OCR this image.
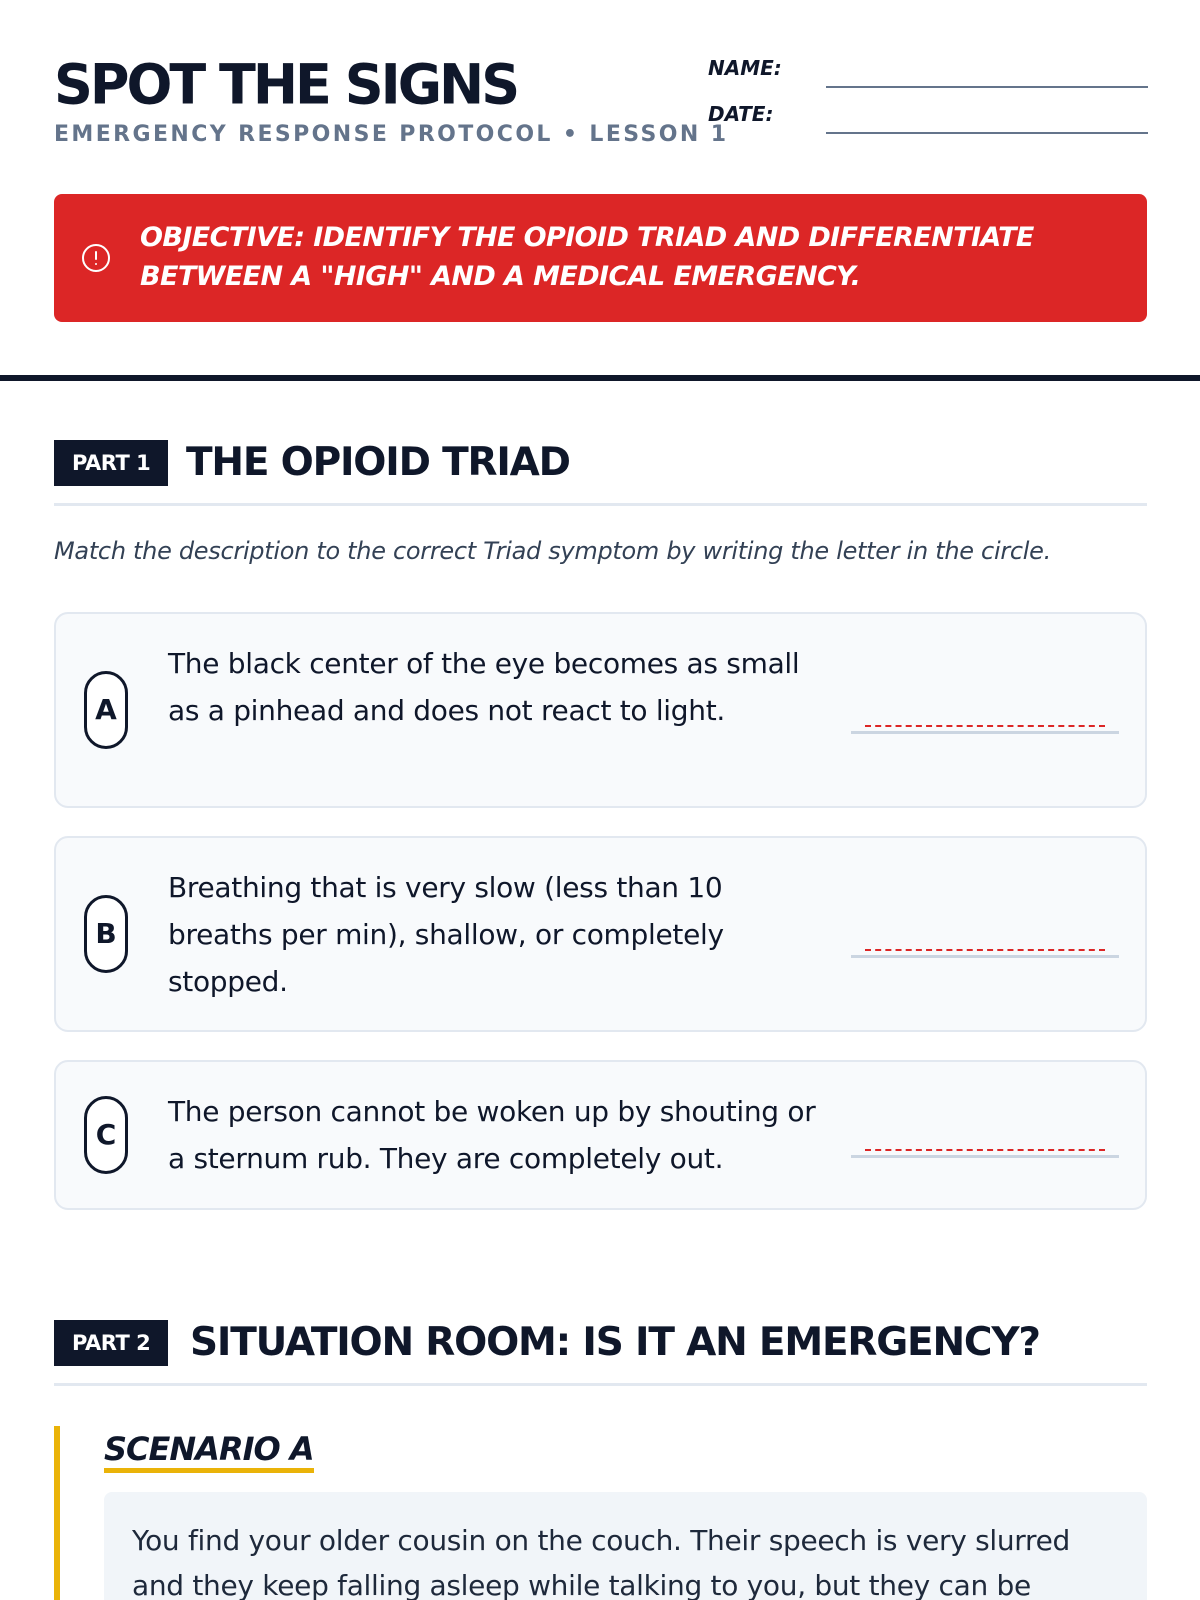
SPOT THE SIGNS
EMERGENCY RESPONSE PROTOCOL • LESSON 1
NAME:
DATE:
OBJECTIVE: IDENTIFY THE OPIOID TRIAD AND DIFFERENTIATE BETWEEN A "HIGH" AND A MEDICAL EMERGENCY.
PART 1 THE OPIOID TRIAD

Match the description to the correct Triad symptom by writing the letter in the circle.

A
The black center of the eye becomes as small as a pinhead and does not react to light.
B
Breathing that is very slow (less than 10 breaths per min), shallow, or completely stopped.
C
The person cannot be woken up by shouting or a sternum rub. They are completely out.
PART 2	SITUATION ROOM: IS IT AN EMERGENCY?
SCENARIO A

You find your older cousin on the couch. Their speech is very slurred and they keep falling asleep while talking to you, but they can be
